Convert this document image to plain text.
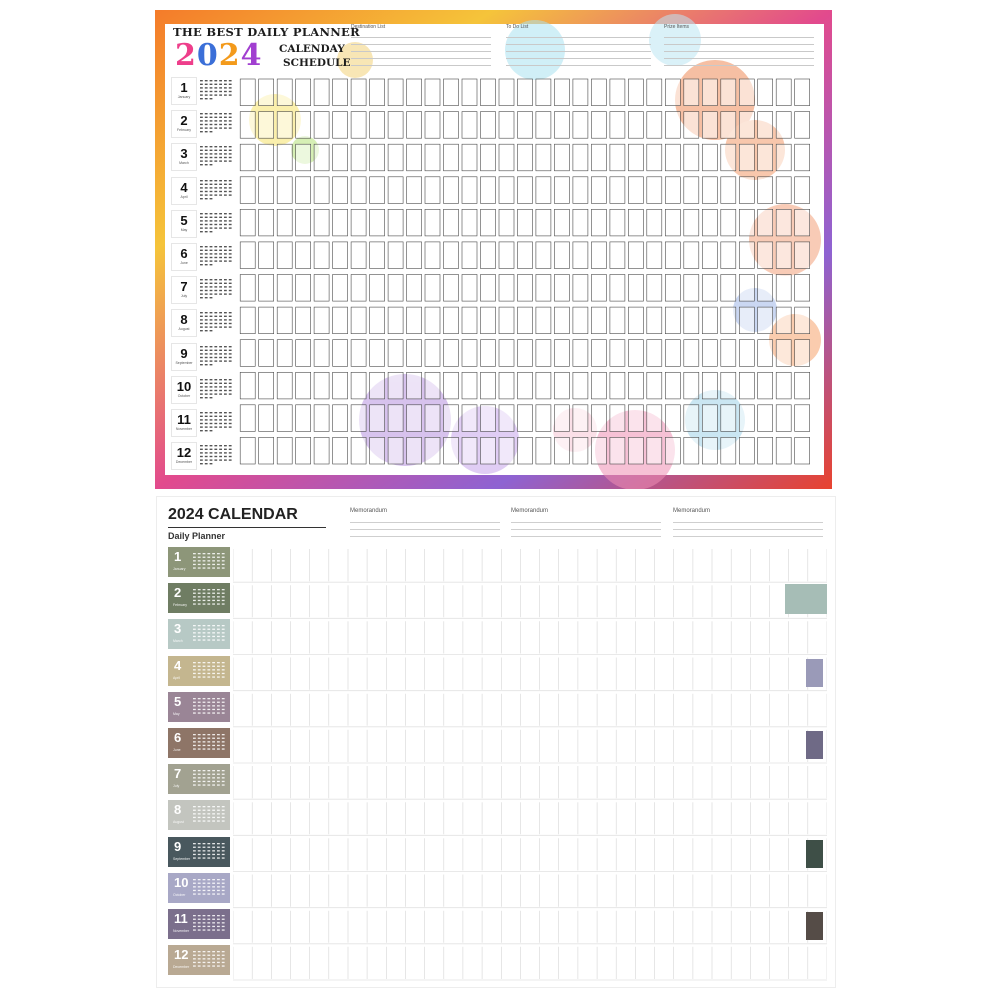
THE BEST DAILY PLANNER
2024 CALENDAY
SCHEDULE
Destination List	To Do List	Prize Items
1
January
2
February
3
March
4
April
5
May
6
June
7
July
8
August
9
September
10
October
11
November
12
December
2024 CALENDAR
Daily Planner
Memorandum	Memorandum	Memorandum
1
January
2
February
3
March
4
April
5
May
6
June
7
July
8
August
9
September
10
October
11
November
12
December
